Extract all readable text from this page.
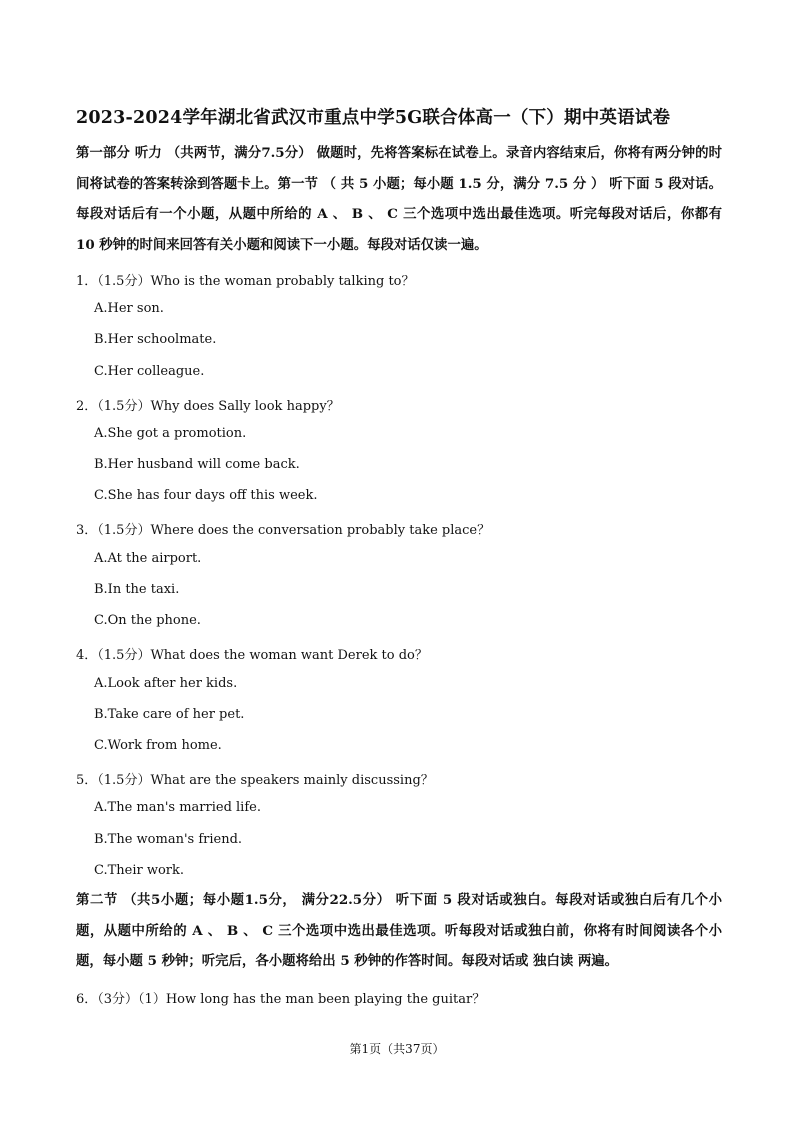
2023-2024学年湖北省武汉市重点中学5G联合体高一（下）期中英语试卷
第一部分 听力 （共两节，满分7.5分） 做题时，先将答案标在试卷上。录音内容结束后，你将有两分钟的时间将试卷的答案转涂到答题卡上。第一节 （ 共 5 小题；每小题 1.5 分，满分 7.5 分 ） 听下面 5 段对话。每段对话后有一个小题，从题中所给的 A 、 B 、 C 三个选项中选出最佳选项。听完每段对话后，你都有 10 秒钟的时间来回答有关小题和阅读下一小题。每段对话仅读一遍。
1．（1.5分）Who is the woman probably talking to？
A.Her son.
B.Her schoolmate.
C.Her colleague.
2．（1.5分）Why does Sally look happy？
A.She got a promotion.
B.Her husband will come back.
C.She has four days off this week.
3．（1.5分）Where does the conversation probably take place？
A.At the airport.
B.In the taxi.
C.On the phone.
4．（1.5分）What does the woman want Derek to do？
A.Look after her kids.
B.Take care of her pet.
C.Work from home.
5．（1.5分）What are the speakers mainly discussing？
A.The man's married life.
B.The woman's friend.
C.Their work.
第二节 （共5小题；每小题1.5分， 满分22.5分） 听下面 5 段对话或独白。每段对话或独白后有几个小题，从题中所给的 A 、 B 、 C 三个选项中选出最佳选项。听每段对话或独白前，你将有时间阅读各个小题，每小题 5 秒钟；听完后，各小题将给出 5 秒钟的作答时间。每段对话或 独白读 两遍。
6．（3分）（1）How long has the man been playing the guitar？
第1页（共37页）
